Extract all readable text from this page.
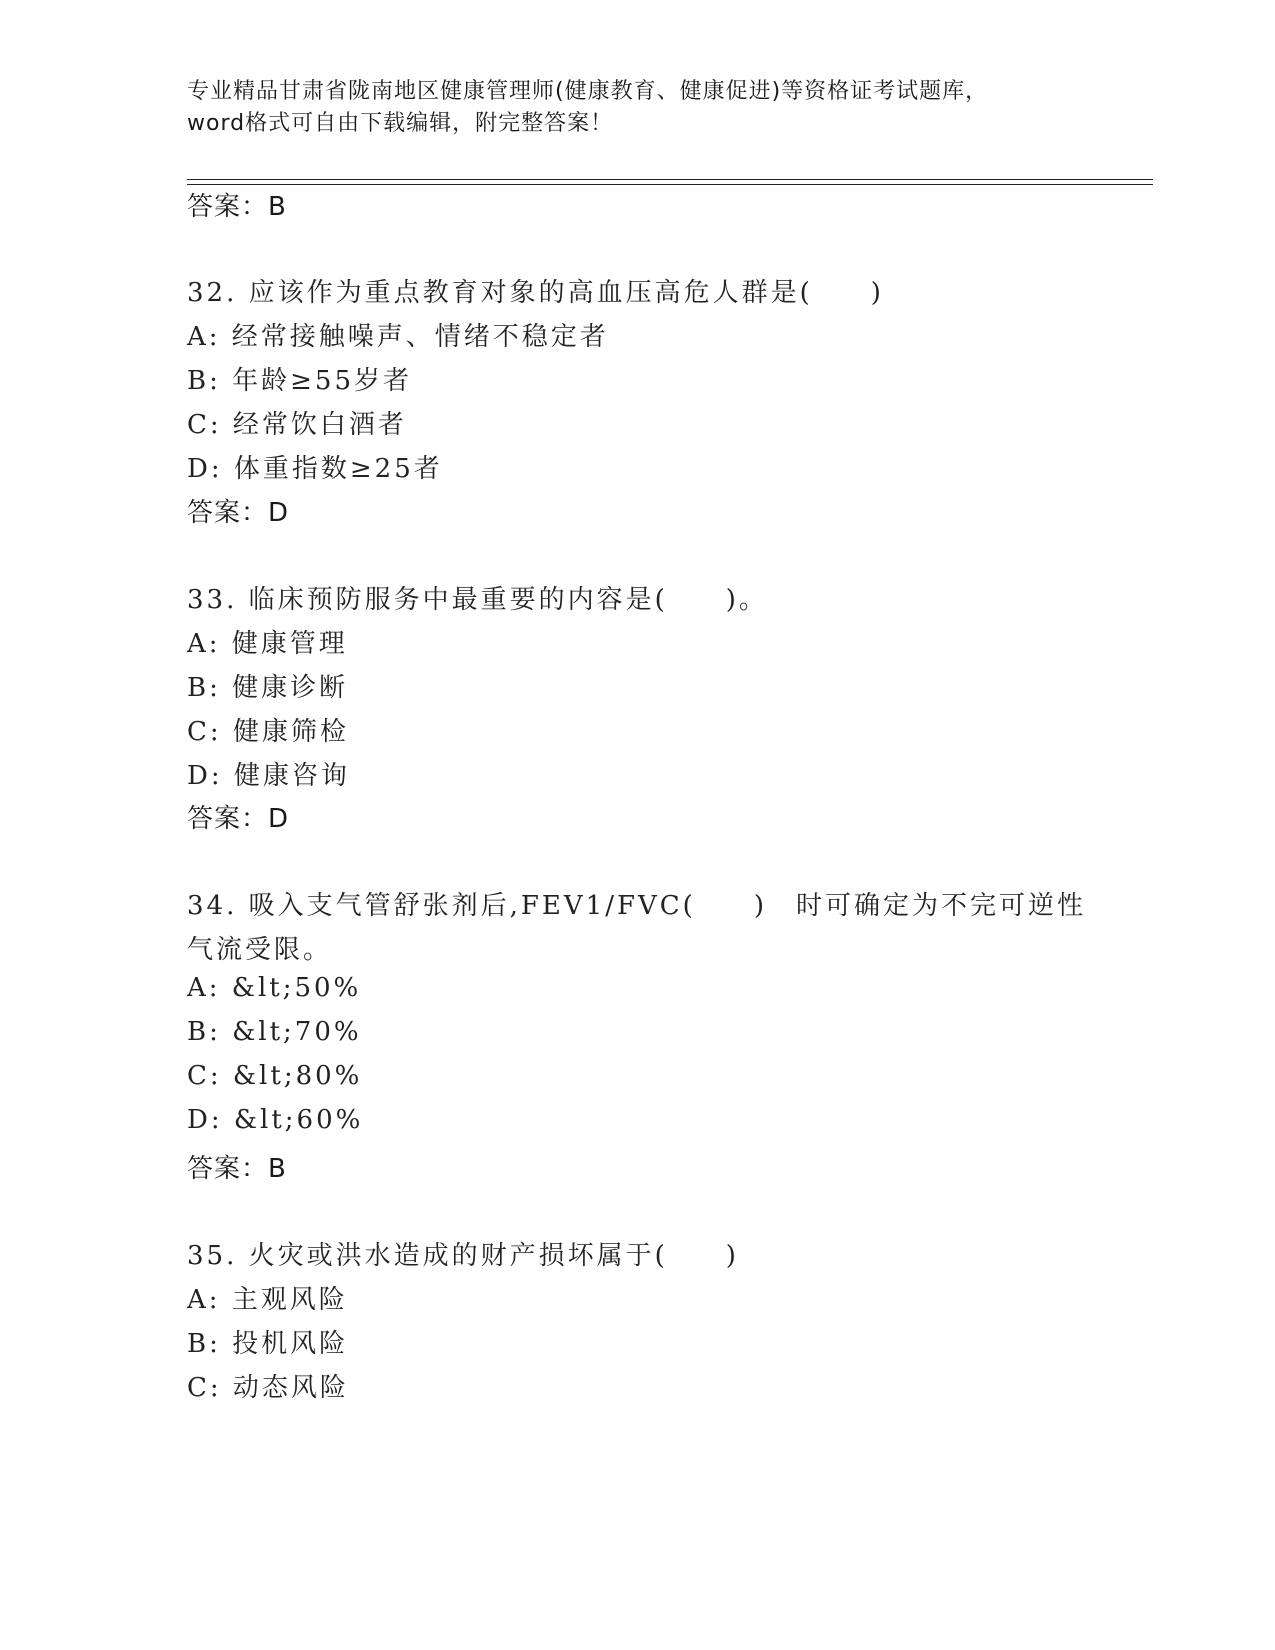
专业精品甘肃省陇南地区健康管理师(健康教育、健康促进)等资格证考试题库，
word格式可自由下载编辑，附完整答案！
答案：B
32. 应该作为重点教育对象的高血压高危人群是(　　)
A: 经常接触噪声、情绪不稳定者
B: 年龄≥55岁者
C: 经常饮白酒者
D: 体重指数≥25者
答案：D
33. 临床预防服务中最重要的内容是(　　)。
A: 健康管理
B: 健康诊断
C: 健康筛检
D: 健康咨询
答案：D
34. 吸入支气管舒张剂后,FEV1/FVC(　　)　时可确定为不完可逆性
气流受限。
A: &lt;50%
B: &lt;70%
C: &lt;80%
D: &lt;60%
答案：B
35. 火灾或洪水造成的财产损坏属于(　　)
A: 主观风险
B: 投机风险
C: 动态风险
